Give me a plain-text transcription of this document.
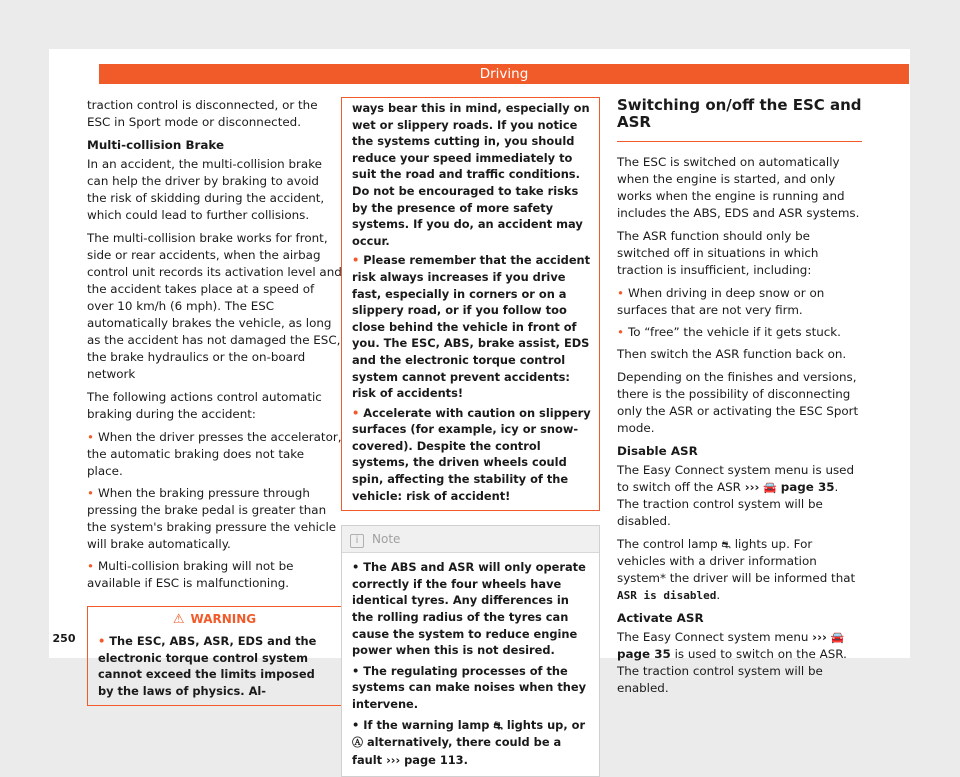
Driving

traction control is disconnected, or the ESC in Sport mode or disconnected.

Multi-collision Brake

In an accident, the multi-collision brake can help the driver by braking to avoid the risk of skidding during the accident, which could lead to further collisions.

The multi-collision brake works for front, side or rear accidents, when the airbag control unit records its activation level and the accident takes place at a speed of over 10 km/h (6 mph). The ESC automatically brakes the vehicle, as long as the accident has not damaged the ESC, the brake hydraulics or the on-board network

The following actions control automatic braking during the accident:

• When the driver presses the accelerator, the automatic braking does not take place.

• When the braking pressure through pressing the brake pedal is greater than the system's braking pressure the vehicle will brake automatically.

• Multi-collision braking will not be available if ESC is malfunctioning.

⚠ WARNING
• The ESC, ABS, ASR, EDS and the electronic torque control system cannot exceed the limits imposed by the laws of physics. Al-

ways bear this in mind, especially on wet or slippery roads. If you notice the systems cutting in, you should reduce your speed immediately to suit the road and traffic conditions. Do not be encouraged to take risks by the presence of more safety systems. If you do, an accident may occur.

• Please remember that the accident risk always increases if you drive fast, especially in corners or on a slippery road, or if you follow too close behind the vehicle in front of you. The ESC, ABS, brake assist, EDS and the electronic torque control system cannot prevent accidents: risk of accidents!

• Accelerate with caution on slippery surfaces (for example, icy or snow-covered). Despite the control systems, the driven wheels could spin, affecting the stability of the vehicle: risk of accident!

i Note

• The ABS and ASR will only operate correctly if the four wheels have identical tyres. Any differences in the rolling radius of the tyres can cause the system to reduce engine power when this is not desired.

• The regulating processes of the systems can make noises when they intervene.

• If the warning lamp ⛐ lights up, or Ⓐ alternatively, there could be a fault ››› page 113.

Switching on/off the ESC and ASR

The ESC is switched on automatically when the engine is started, and only works when the engine is running and includes the ABS, EDS and ASR systems.

The ASR function should only be switched off in situations in which traction is insufficient, including:

• When driving in deep snow or on surfaces that are not very firm.

• To “free” the vehicle if it gets stuck.

Then switch the ASR function back on.

Depending on the finishes and versions, there is the possibility of disconnecting only the ASR or activating the ESC Sport mode.

Disable ASR

The Easy Connect system menu is used to switch off the ASR ››› 🚘 page 35. The traction control system will be disabled.

The control lamp ⛐ lights up. For vehicles with a driver information system* the driver will be informed that ASR is disabled.

Activate ASR

The Easy Connect system menu ››› 🚘 page 35 is used to switch on the ASR. The traction control system will be enabled.

250
